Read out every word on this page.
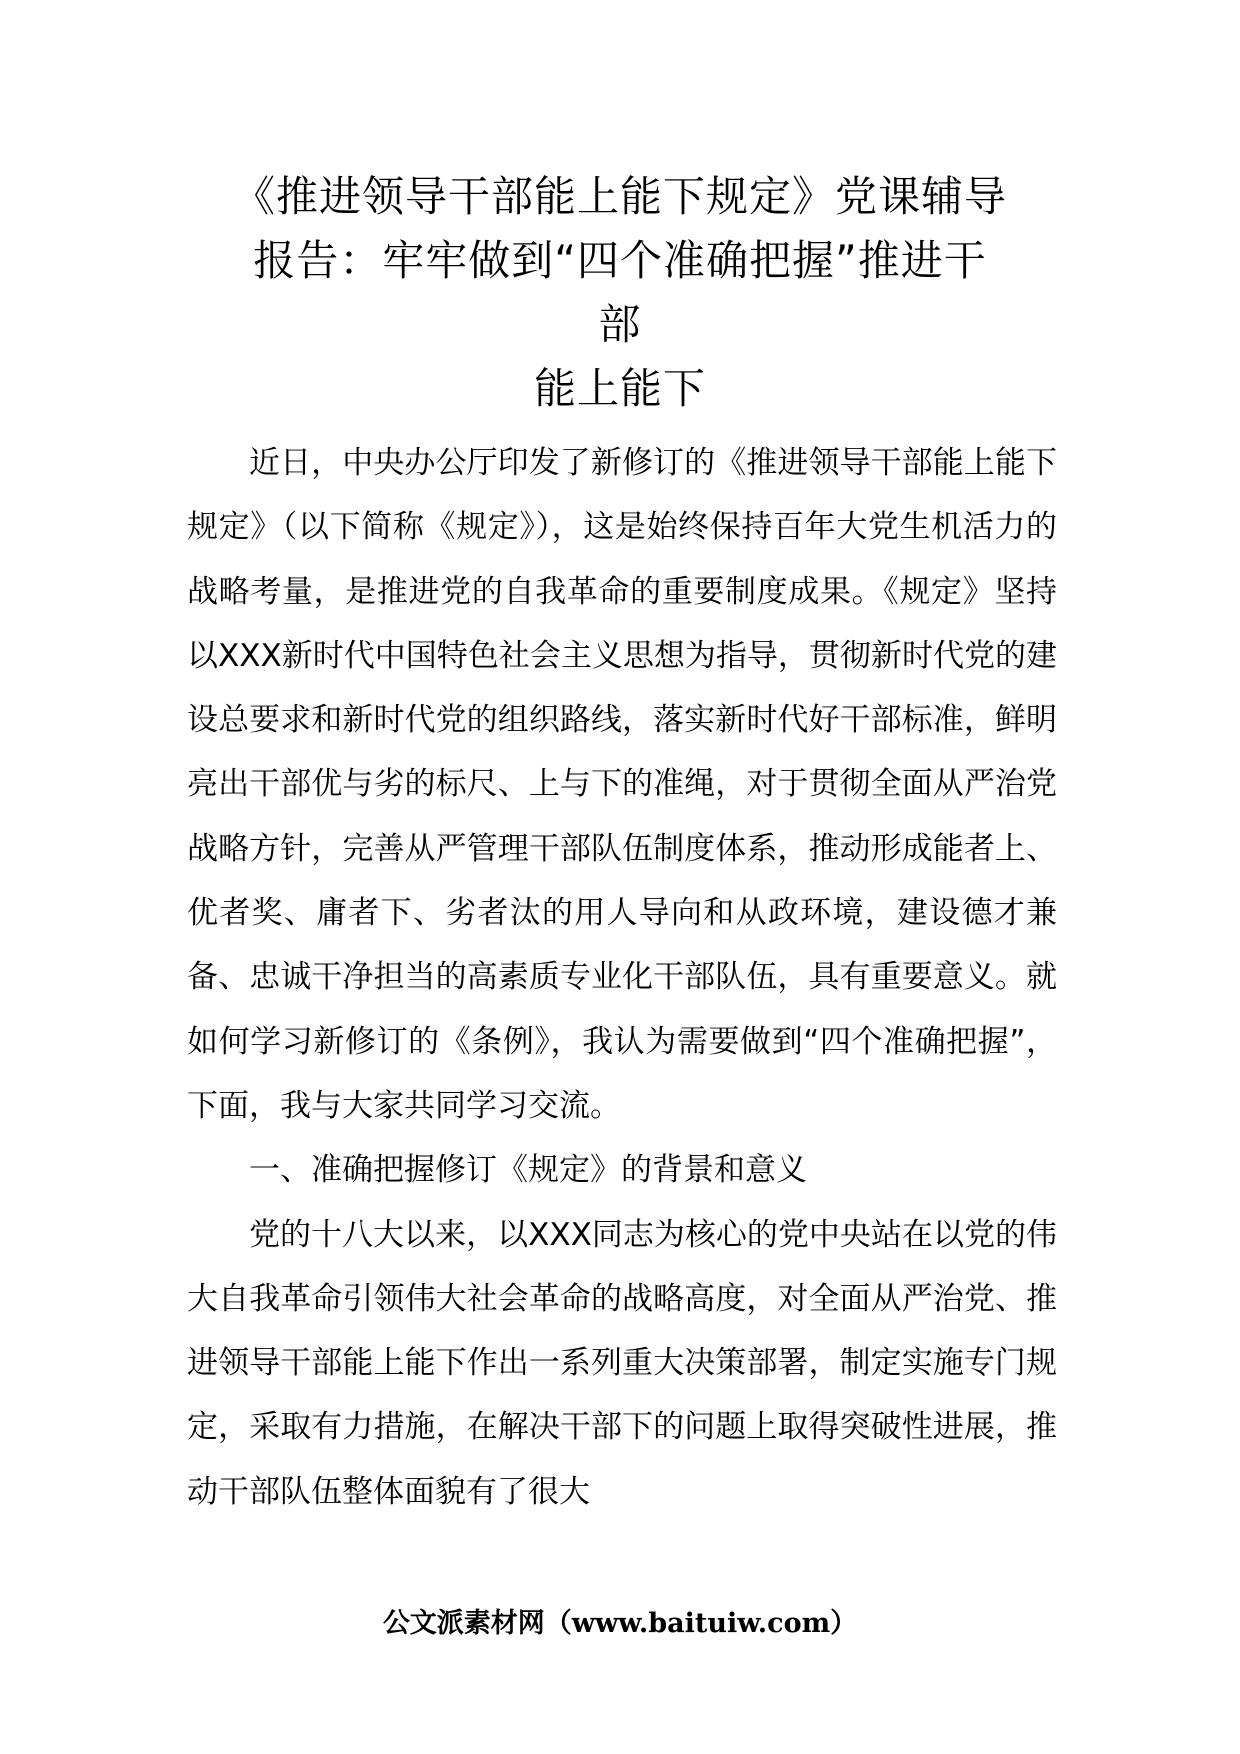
《推进领导干部能上能下规定》党课辅导
报告：牢牢做到“四个准确把握”推进干
部
能上能下

近日，中央办公厅印发了新修订的《推进领导干部能上能下规定》（以下简称《规定》），这是始终保持百年大党生机活力的战略考量，是推进党的自我革命的重要制度成果。《规定》坚持以XXX新时代中国特色社会主义思想为指导，贯彻新时代党的建设总要求和新时代党的组织路线，落实新时代好干部标准，鲜明亮出干部优与劣的标尺、上与下的准绳，对于贯彻全面从严治党战略方针，完善从严管理干部队伍制度体系，推动形成能者上、优者奖、庸者下、劣者汰的用人导向和从政环境，建设德才兼备、忠诚干净担当的高素质专业化干部队伍，具有重要意义。就如何学习新修订的《条例》，我认为需要做到“四个准确把握”，下面，我与大家共同学习交流。

一、准确把握修订《规定》的背景和意义

党的十八大以来，以XXX同志为核心的党中央站在以党的伟大自我革命引领伟大社会革命的战略高度，对全面从严治党、推进领导干部能上能下作出一系列重大决策部署，制定实施专门规定，采取有力措施，在解决干部下的问题上取得突破性进展，推动干部队伍整体面貌有了很大

公文派素材网（www.baituiw.com）
